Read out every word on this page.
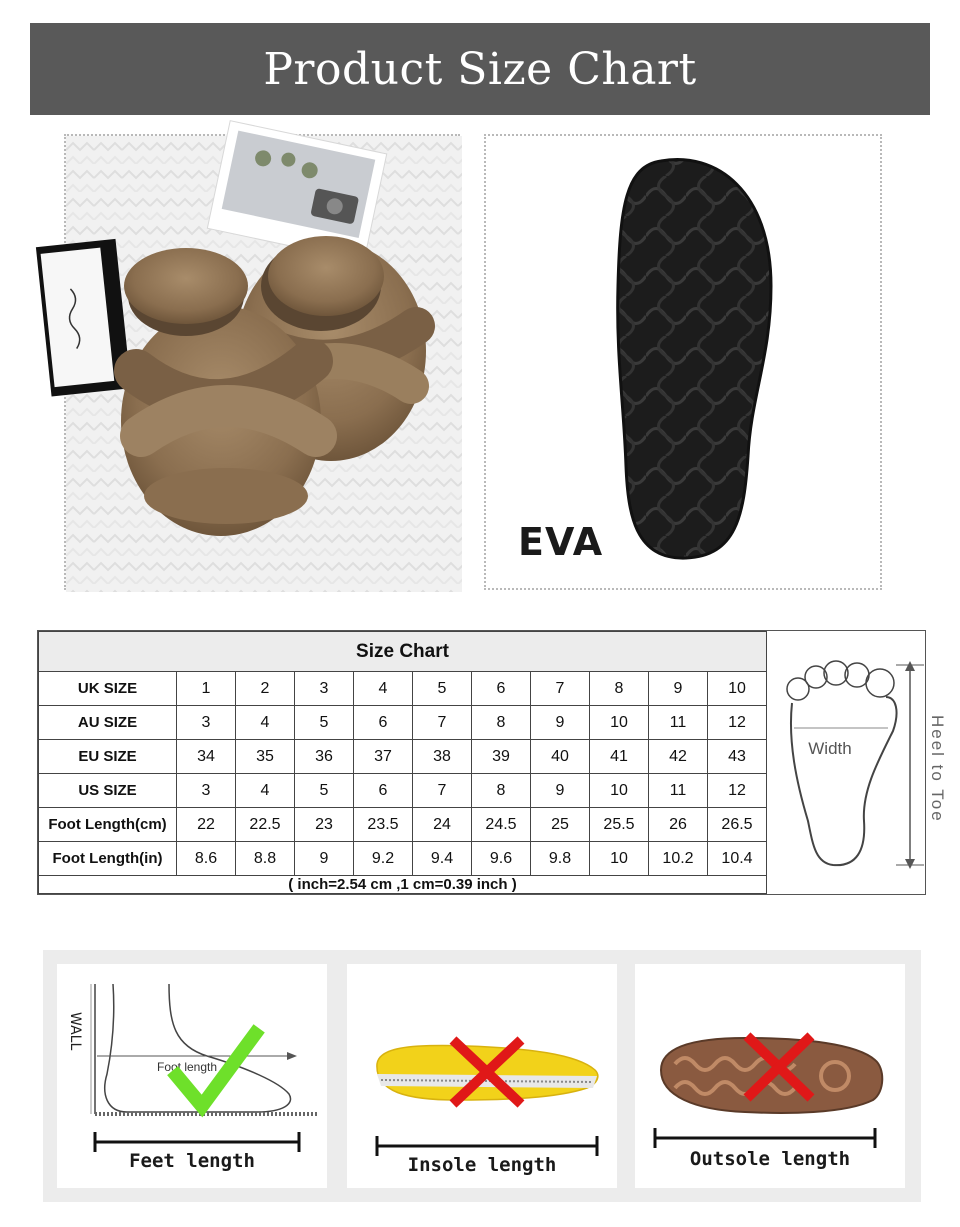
Product Size Chart
EVA
Size Chart										
UK SIZE	1	2	3	4	5	6	7	8	9	10
AU SIZE	3	4	5	6	7	8	9	10	11	12
EU SIZE	34	35	36	37	38	39	40	41	42	43
US SIZE	3	4	5	6	7	8	9	10	11	12
Foot Length(cm)	22	22.5	23	23.5	24	24.5	25	25.5	26	26.5
Foot Length(in)	8.6	8.8	9	9.2	9.4	9.6	9.8	10	10.2	10.4
( inch=2.54 cm ,1 cm=0.39 inch )										
Width	Heel to Toe
WALL
Foot length
Feet length	Insole length	Outsole length
